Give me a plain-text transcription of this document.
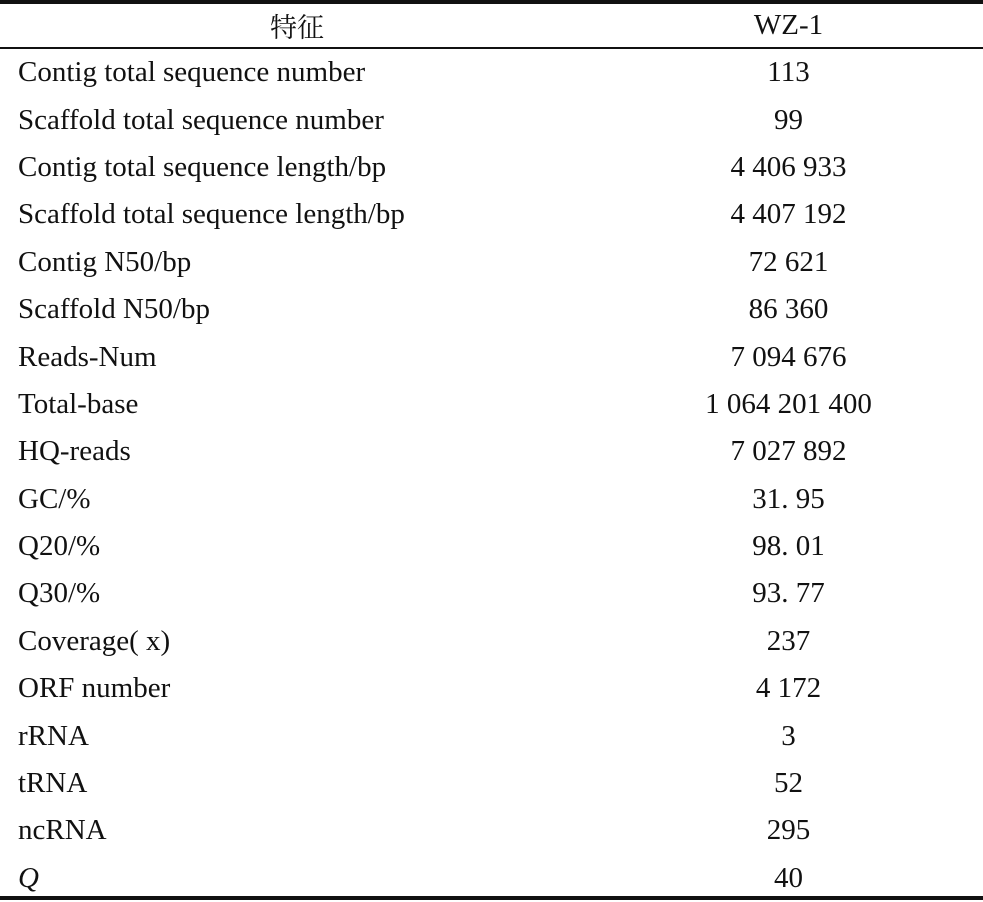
特征	WZ-1

Contig total sequence number	113
Scaffold total sequence number	99
Contig total sequence length/bp	4 406 933
Scaffold total sequence length/bp	4 407 192
Contig N50/bp	72 621
Scaffold N50/bp	86 360
Reads-Num	7 094 676
Total-base	1 064 201 400
HQ-reads	7 027 892
GC/%	31. 95
Q20/%	98. 01
Q30/%	93. 77
Coverage( x)	237
ORF number	4 172
rRNA	3
tRNA	52
ncRNA	295
Q	40
